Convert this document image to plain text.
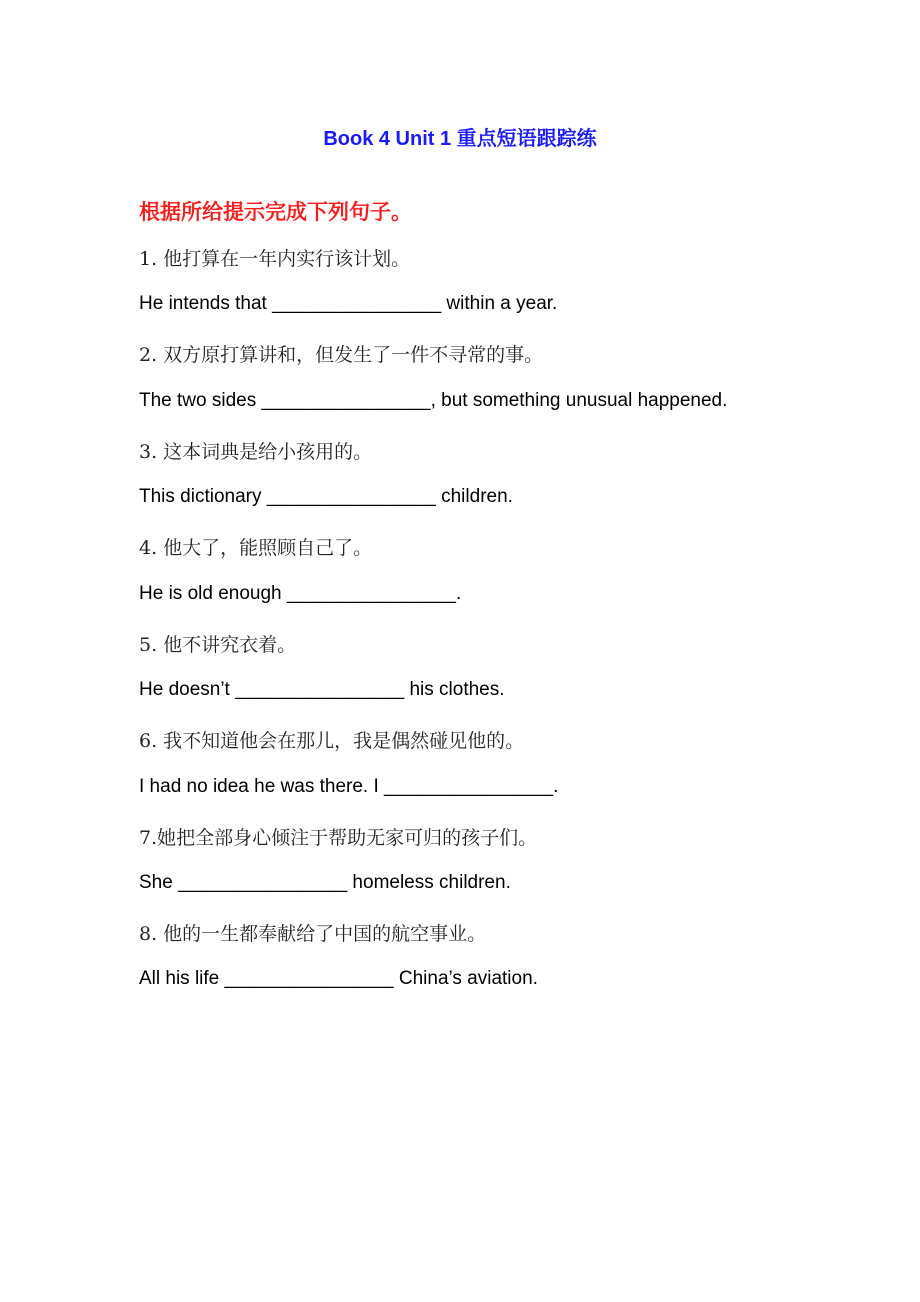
Book 4 Unit 1 重点短语跟踪练
根据所给提示完成下列句子。
1. 他打算在一年内实行该计划。
He intends that ________________ within a year.
2. 双方原打算讲和，但发生了一件不寻常的事。
The two sides ________________, but something unusual happened.
3. 这本词典是给小孩用的。
This dictionary ________________ children.
4. 他大了，能照顾自己了。
He is old enough ________________.
5. 他不讲究衣着。
He doesn’t ________________ his clothes.
6. 我不知道他会在那儿，我是偶然碰见他的。
I had no idea he was there. I ________________.
7.她把全部身心倾注于帮助无家可归的孩子们。
She ________________ homeless children.
8. 他的一生都奉献给了中国的航空事业。
All his life ________________ China’s aviation.
